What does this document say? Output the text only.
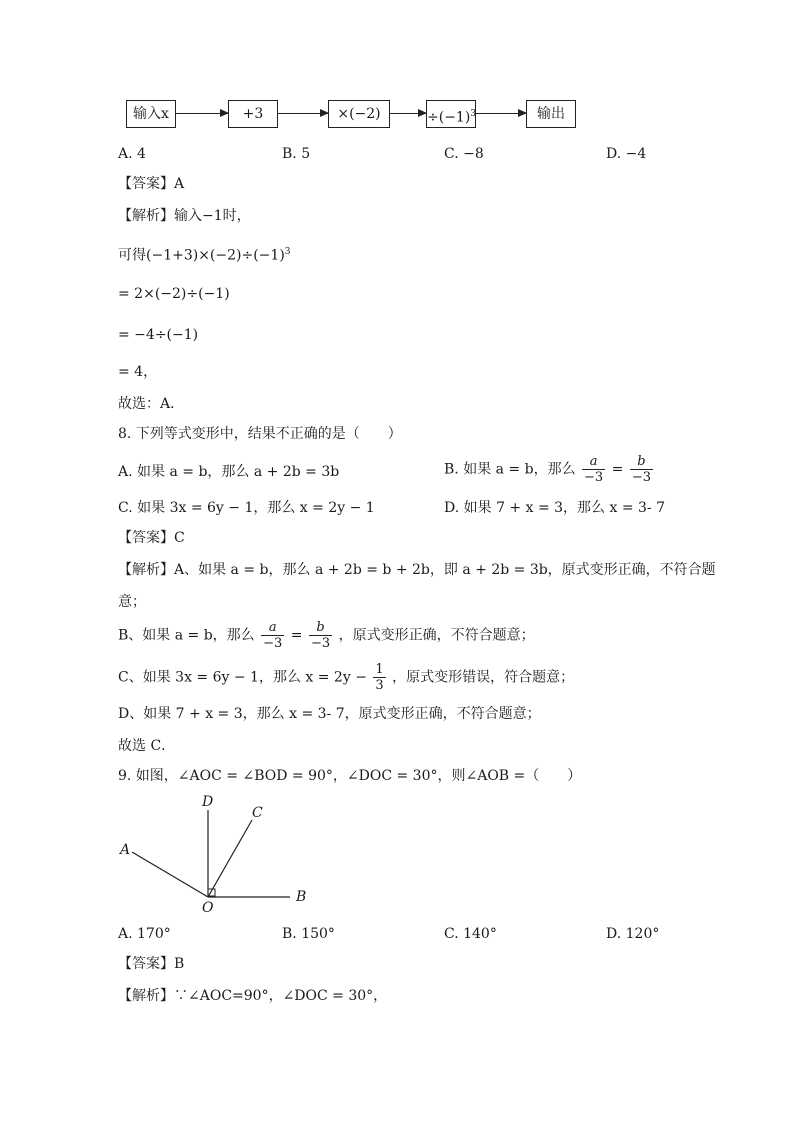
输入x	+3	×(−2)	$\div(-1)^3$	输出
A. 4	B. 5	C. −8	D. −4
【答案】A
【解析】输入−1时，
可得$(-1+3)\times(-2)\div(-1)^3$
= 2×(−2)÷(−1)
= −4÷(−1)
= 4，
故选：A．
8. 下列等式变形中，结果不正确的是（　　）
A. 如果 a = b，那么 a + 2b = 3b	B. 如果 a = b，那么 $\frac{a}{-3} = \frac{b}{-3}$
C. 如果 3x = 6y − 1，那么 x = 2y − 1	D. 如果 7 + x = 3，那么 x = 3- 7
【答案】C
【解析】A、如果 a = b，那么 a + 2b = b + 2b，即 a + 2b = 3b，原式变形正确，不符合题
意；
B、如果 a = b，那么 $\frac{a}{-3} = \frac{b}{-3}$ ，原式变形正确，不符合题意；
C、如果 3x = 6y − 1，那么 $x = 2y - \frac{1}{3}$ ，原式变形错误，符合题意；
D、如果 7 + x = 3，那么 x = 3- 7，原式变形正确，不符合题意；
故选 C．
9. 如图，∠AOC = ∠BOD = 90°，∠DOC = 30°，则∠AOB =（　　）
D
C
A
B
O
A. 170°	B. 150°	C. 140°	D. 120°
【答案】B
【解析】∵∠AOC=90°，∠DOC = 30°，
